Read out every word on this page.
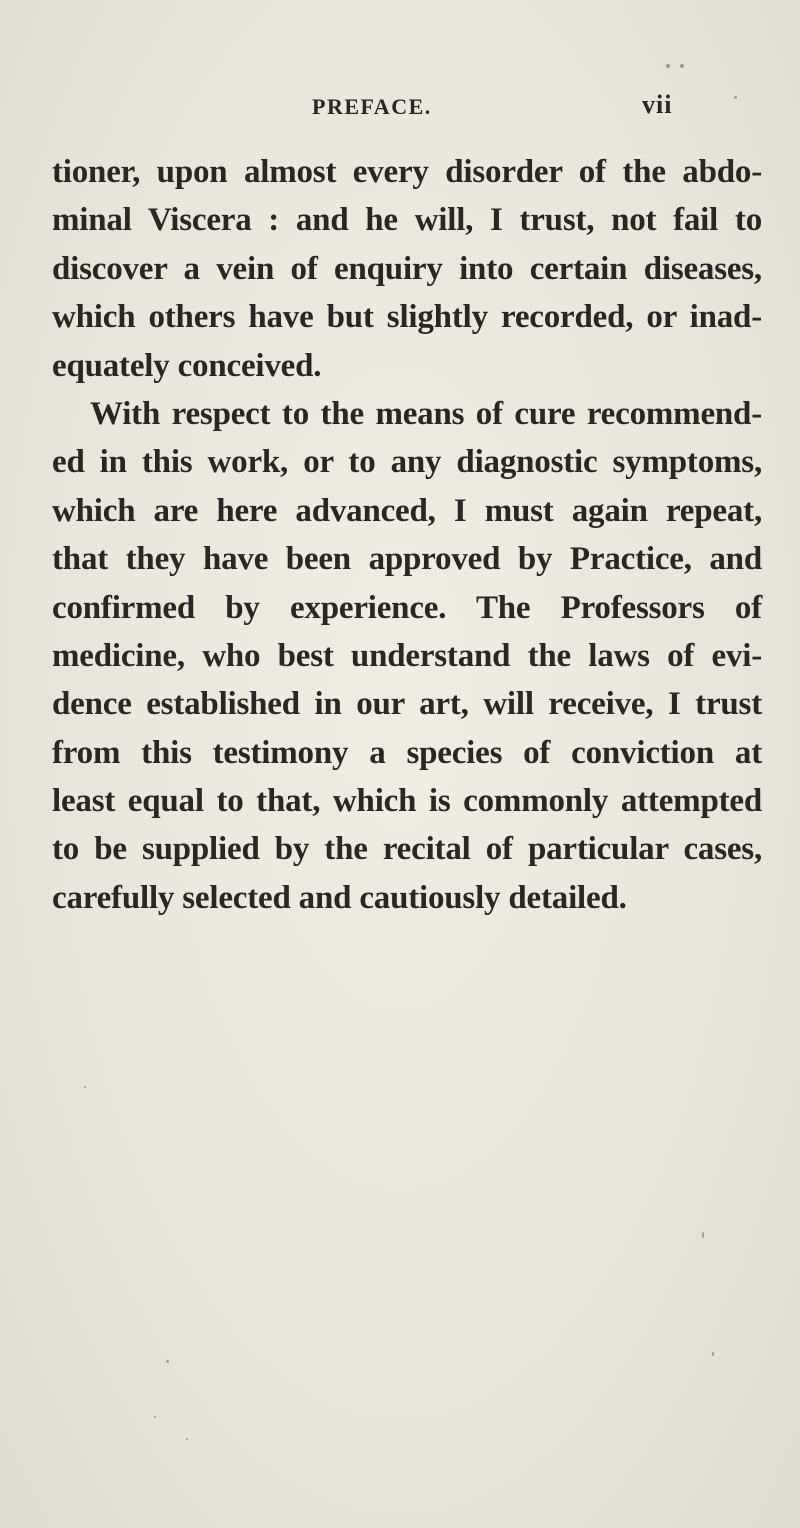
PREFACE.	vii
tioner, upon almost every disorder of the abdo-
minal Viscera : and he will, I trust, not fail to
discover a vein of enquiry into certain diseases,
which others have but slightly recorded, or inad-
equately conceived.
With respect to the means of cure recommend-
ed in this work, or to any diagnostic symptoms,
which are here advanced, I must again repeat,
that they have been approved by Practice, and
confirmed by experience. The Professors of
medicine, who best understand the laws of evi-
dence established in our art, will receive, I trust
from this testimony a species of conviction at
least equal to that, which is commonly attempted
to be supplied by the recital of particular cases,
carefully selected and cautiously detailed.
